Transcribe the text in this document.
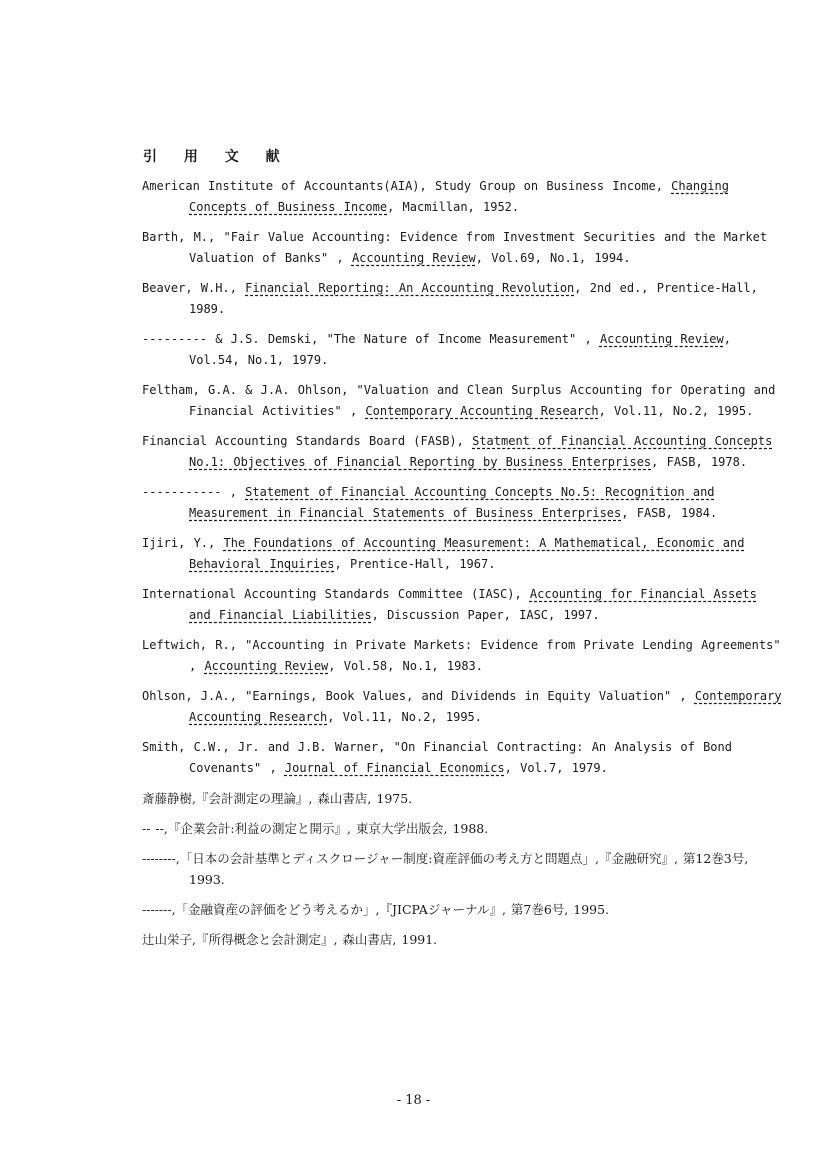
引 用 文 献
American Institute of Accountants(AIA), Study Group on Business Income, Changing Concepts of Business Income, Macmillan, 1952.
Barth, M., "Fair Value Accounting: Evidence from Investment Securities and the Market Valuation of Banks" , Accounting Review, Vol.69, No.1, 1994.
Beaver, W.H., Financial Reporting: An Accounting Revolution, 2nd ed., Prentice-Hall, 1989.
--------- & J.S. Demski, "The Nature of Income Measurement" , Accounting Review, Vol.54, No.1, 1979.
Feltham, G.A. & J.A. Ohlson, "Valuation and Clean Surplus Accounting for Operating and Financial Activities" , Contemporary Accounting Research, Vol.11, No.2, 1995.
Financial Accounting Standards Board (FASB), Statment of Financial Accounting Concepts No.1: Objectives of Financial Reporting by Business Enterprises, FASB, 1978.
----------- , Statement of Financial Accounting Concepts No.5: Recognition and Measurement in Financial Statements of Business Enterprises, FASB, 1984.
Ijiri, Y., The Foundations of Accounting Measurement: A Mathematical, Economic and Behavioral Inquiries, Prentice-Hall, 1967.
International Accounting Standards Committee (IASC), Accounting for Financial Assets and Financial Liabilities, Discussion Paper, IASC, 1997.
Leftwich, R., "Accounting in Private Markets: Evidence from Private Lending Agreements" , Accounting Review, Vol.58, No.1, 1983.
Ohlson, J.A., "Earnings, Book Values, and Dividends in Equity Valuation" , Contemporary Accounting Research, Vol.11, No.2, 1995.
Smith, C.W., Jr. and J.B. Warner, "On Financial Contracting: An Analysis of Bond Covenants" , Journal of Financial Economics, Vol.7, 1979.
斎藤静樹,『会計測定の理論』, 森山書店, 1975.
-- --,『企業会計:利益の測定と開示』, 東京大学出版会, 1988.
--------,「日本の会計基準とディスクロージャー制度:資産評価の考え方と問題点」,『金融研究』, 第12巻3号, 1993.
-------,「金融資産の評価をどう考えるか」,『JICPAジャーナル』, 第7巻6号, 1995.
辻山栄子,『所得概念と会計測定』, 森山書店, 1991.

- 18 -
